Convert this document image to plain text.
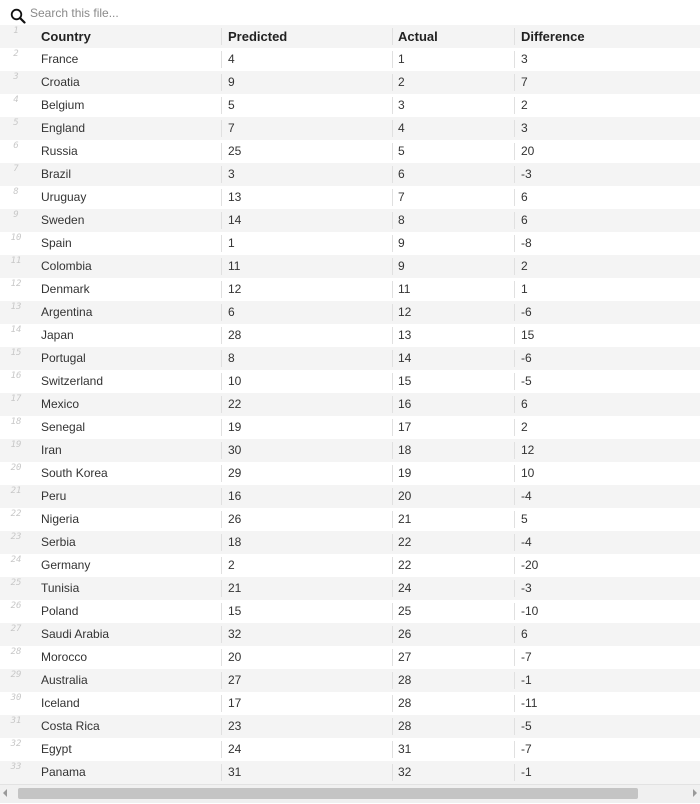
Search this file...
1	Country	Predicted	Actual	Difference
2	France	4	1	3
3	Croatia	9	2	7
4	Belgium	5	3	2
5	England	7	4	3
6	Russia	25	5	20
7	Brazil	3	6	-3
8	Uruguay	13	7	6
9	Sweden	14	8	6
10	Spain	1	9	-8
11	Colombia	11	9	2
12	Denmark	12	11	1
13	Argentina	6	12	-6
14	Japan	28	13	15
15	Portugal	8	14	-6
16	Switzerland	10	15	-5
17	Mexico	22	16	6
18	Senegal	19	17	2
19	Iran	30	18	12
20	South Korea	29	19	10
21	Peru	16	20	-4
22	Nigeria	26	21	5
23	Serbia	18	22	-4
24	Germany	2	22	-20
25	Tunisia	21	24	-3
26	Poland	15	25	-10
27	Saudi Arabia	32	26	6
28	Morocco	20	27	-7
29	Australia	27	28	-1
30	Iceland	17	28	-11
31	Costa Rica	23	28	-5
32	Egypt	24	31	-7
33	Panama	31	32	-1
